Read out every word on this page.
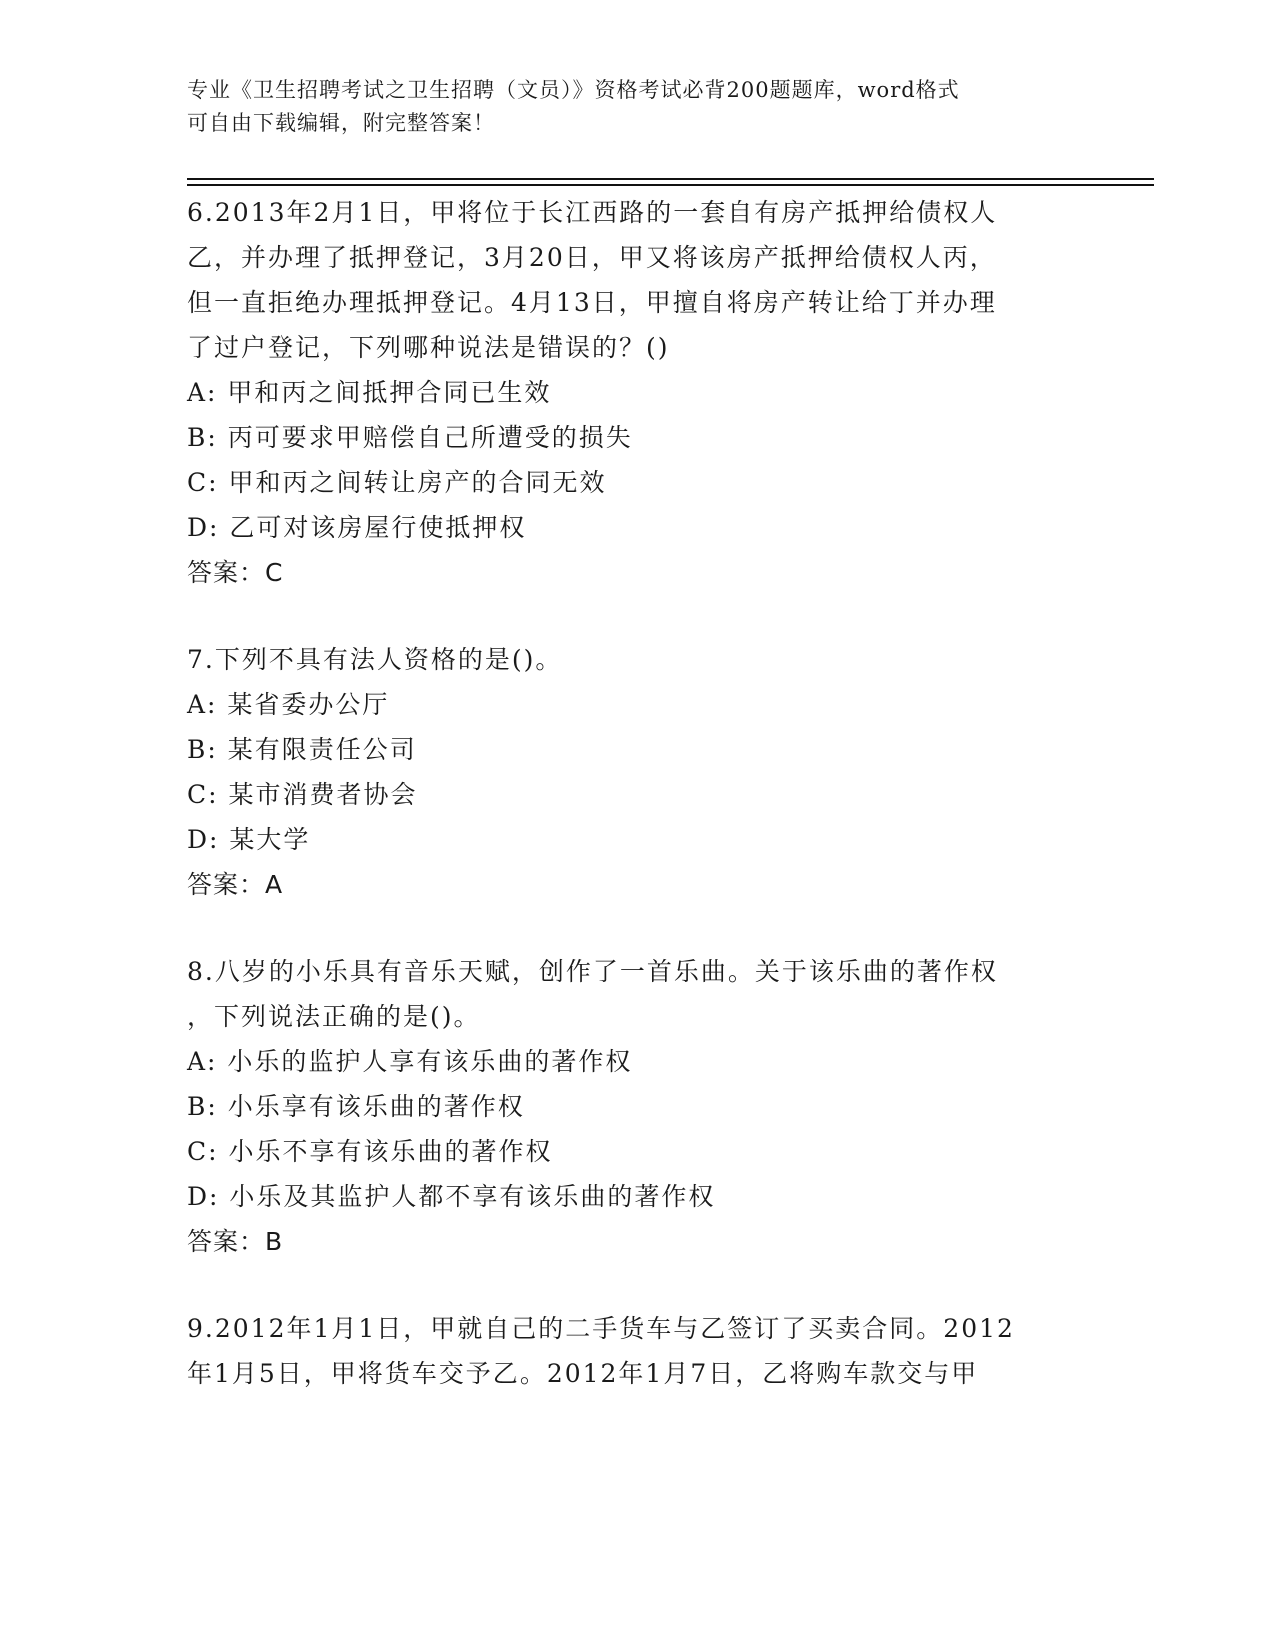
专业《卫生招聘考试之卫生招聘（文员）》资格考试必背200题题库，word格式
可自由下载编辑，附完整答案！
6.2013年2月1日，甲将位于长江西路的一套自有房产抵押给债权人
乙，并办理了抵押登记，3月20日，甲又将该房产抵押给债权人丙，
但一直拒绝办理抵押登记。4月13日，甲擅自将房产转让给丁并办理
了过户登记，下列哪种说法是错误的？()
A: 甲和丙之间抵押合同已生效
B: 丙可要求甲赔偿自己所遭受的损失
C: 甲和丙之间转让房产的合同无效
D: 乙可对该房屋行使抵押权
答案：C
7.下列不具有法人资格的是()。
A: 某省委办公厅
B: 某有限责任公司
C: 某市消费者协会
D: 某大学
答案：A
8.八岁的小乐具有音乐天赋，创作了一首乐曲。关于该乐曲的著作权
，下列说法正确的是()。
A: 小乐的监护人享有该乐曲的著作权
B: 小乐享有该乐曲的著作权
C: 小乐不享有该乐曲的著作权
D: 小乐及其监护人都不享有该乐曲的著作权
答案：B
9.2012年1月1日，甲就自己的二手货车与乙签订了买卖合同。2012
年1月5日，甲将货车交予乙。2012年1月7日，乙将购车款交与甲
